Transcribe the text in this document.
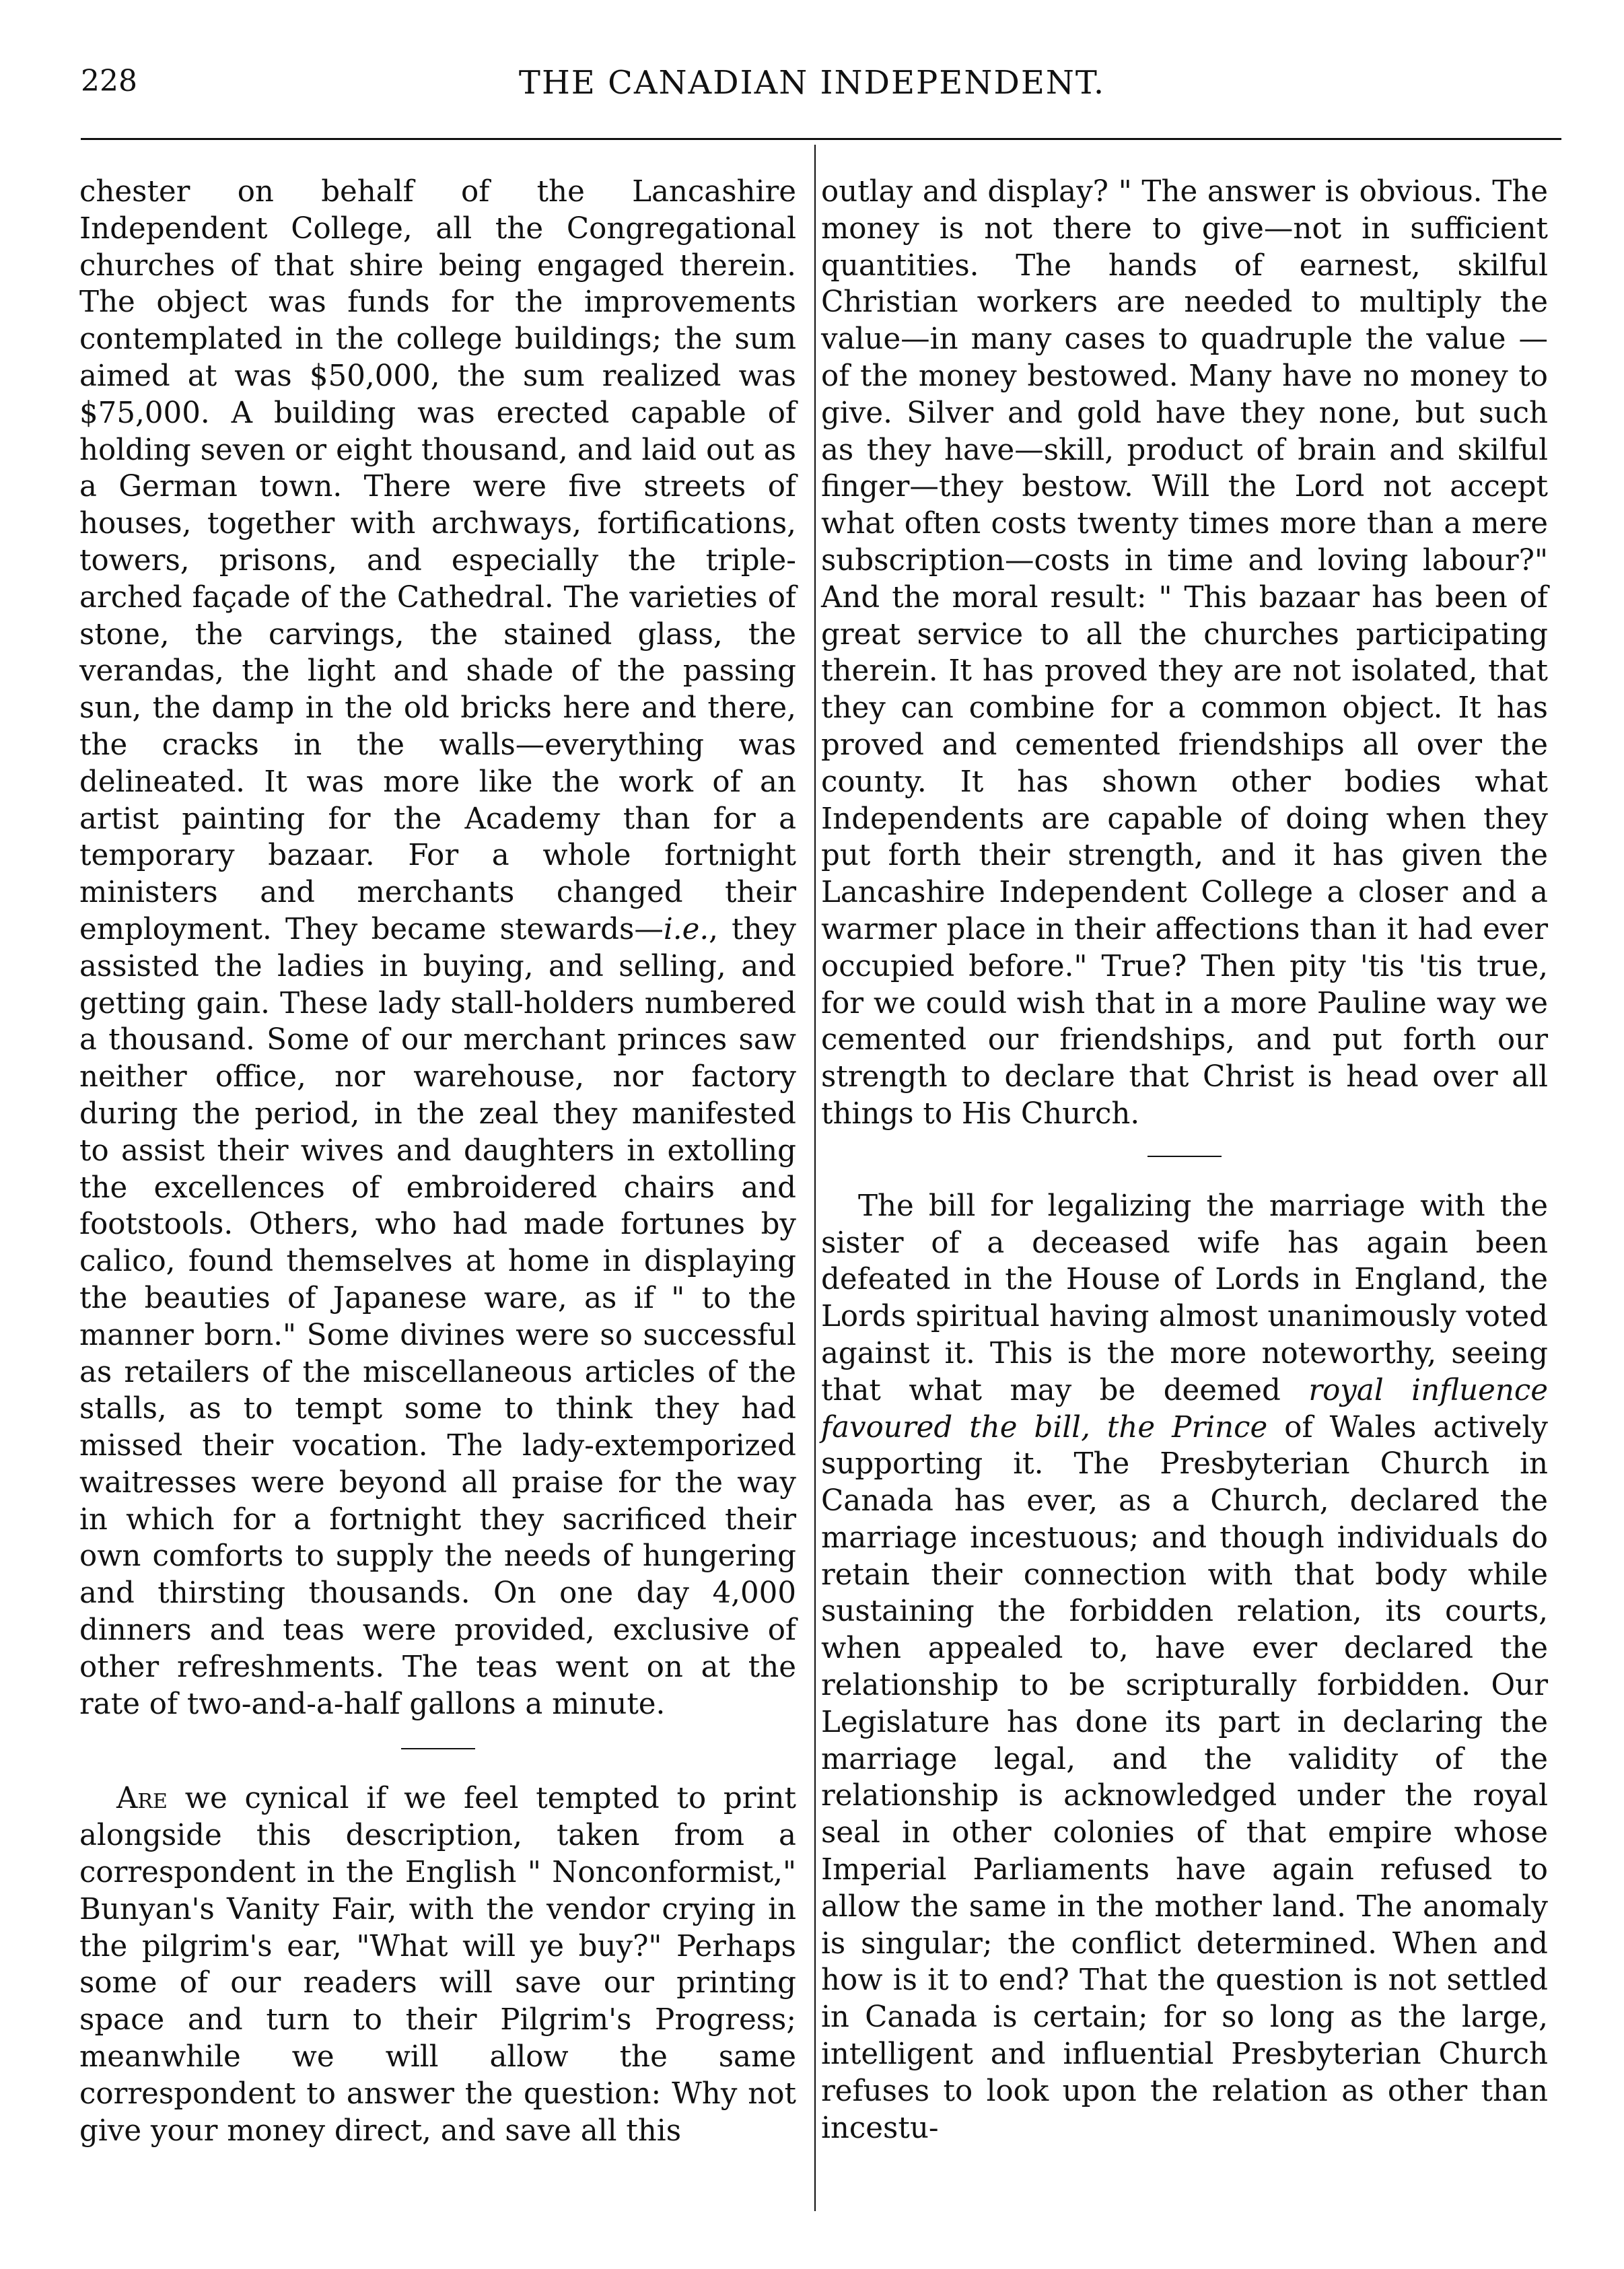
228	THE CANADIAN INDEPENDENT.

chester on behalf of the Lancashire Independent College, all the Congregational churches of that shire being engaged therein. The object was funds for the improvements contemplated in the college buildings; the sum aimed at was $50,000, the sum realized was $75,000. A building was erected capable of holding seven or eight thousand, and laid out as a German town. There were five streets of houses, together with archways, fortifications, towers, prisons, and especially the triple-arched façade of the Cathedral. The varieties of stone, the carvings, the stained glass, the verandas, the light and shade of the passing sun, the damp in the old bricks here and there, the cracks in the walls—everything was delineated. It was more like the work of an artist painting for the Academy than for a temporary bazaar. For a whole fortnight ministers and merchants changed their employment. They became stewards—i.e., they assisted the ladies in buying, and selling, and getting gain. These lady stall-holders numbered a thousand. Some of our merchant princes saw neither office, nor warehouse, nor factory during the period, in the zeal they manifested to assist their wives and daughters in extolling the excellences of embroidered chairs and footstools. Others, who had made fortunes by calico, found themselves at home in displaying the beauties of Japanese ware, as if " to the manner born." Some divines were so successful as retailers of the miscellaneous articles of the stalls, as to tempt some to think they had missed their vocation. The lady-extemporized waitresses were beyond all praise for the way in which for a fortnight they sacrificed their own comforts to supply the needs of hungering and thirsting thousands. On one day 4,000 dinners and teas were provided, exclusive of other refreshments. The teas went on at the rate of two-and-a-half gallons a minute.

Are we cynical if we feel tempted to print alongside this description, taken from a correspondent in the English " Nonconformist," Bunyan's Vanity Fair, with the vendor crying in the pilgrim's ear, "What will ye buy?" Perhaps some of our readers will save our printing space and turn to their Pilgrim's Progress; meanwhile we will allow the same correspondent to answer the question: Why not give your money direct, and save all this

outlay and display? " The answer is obvious. The money is not there to give—not in sufficient quantities. The hands of earnest, skilful Christian workers are needed to multiply the value—in many cases to quadruple the value —of the money bestowed. Many have no money to give. Silver and gold have they none, but such as they have—skill, product of brain and skilful finger—they bestow. Will the Lord not accept what often costs twenty times more than a mere subscription—costs in time and loving labour?" And the moral result: " This bazaar has been of great service to all the churches participating therein. It has proved they are not isolated, that they can combine for a common object. It has proved and cemented friendships all over the county. It has shown other bodies what Independents are capable of doing when they put forth their strength, and it has given the Lancashire Independent College a closer and a warmer place in their affections than it had ever occupied before." True? Then pity 'tis 'tis true, for we could wish that in a more Pauline way we cemented our friendships, and put forth our strength to declare that Christ is head over all things to His Church.

The bill for legalizing the marriage with the sister of a deceased wife has again been defeated in the House of Lords in England, the Lords spiritual having almost unanimously voted against it. This is the more noteworthy, seeing that what may be deemed royal influence favoured the bill, the Prince of Wales actively supporting it. The Presbyterian Church in Canada has ever, as a Church, declared the marriage incestuous; and though individuals do retain their connection with that body while sustaining the forbidden relation, its courts, when appealed to, have ever declared the relationship to be scripturally forbidden. Our Legislature has done its part in declaring the marriage legal, and the validity of the relationship is acknowledged under the royal seal in other colonies of that empire whose Imperial Parliaments have again refused to allow the same in the mother land. The anomaly is singular; the conflict determined. When and how is it to end? That the question is not settled in Canada is certain; for so long as the large, intelligent and influential Presbyterian Church refuses to look upon the relation as other than incestu-
